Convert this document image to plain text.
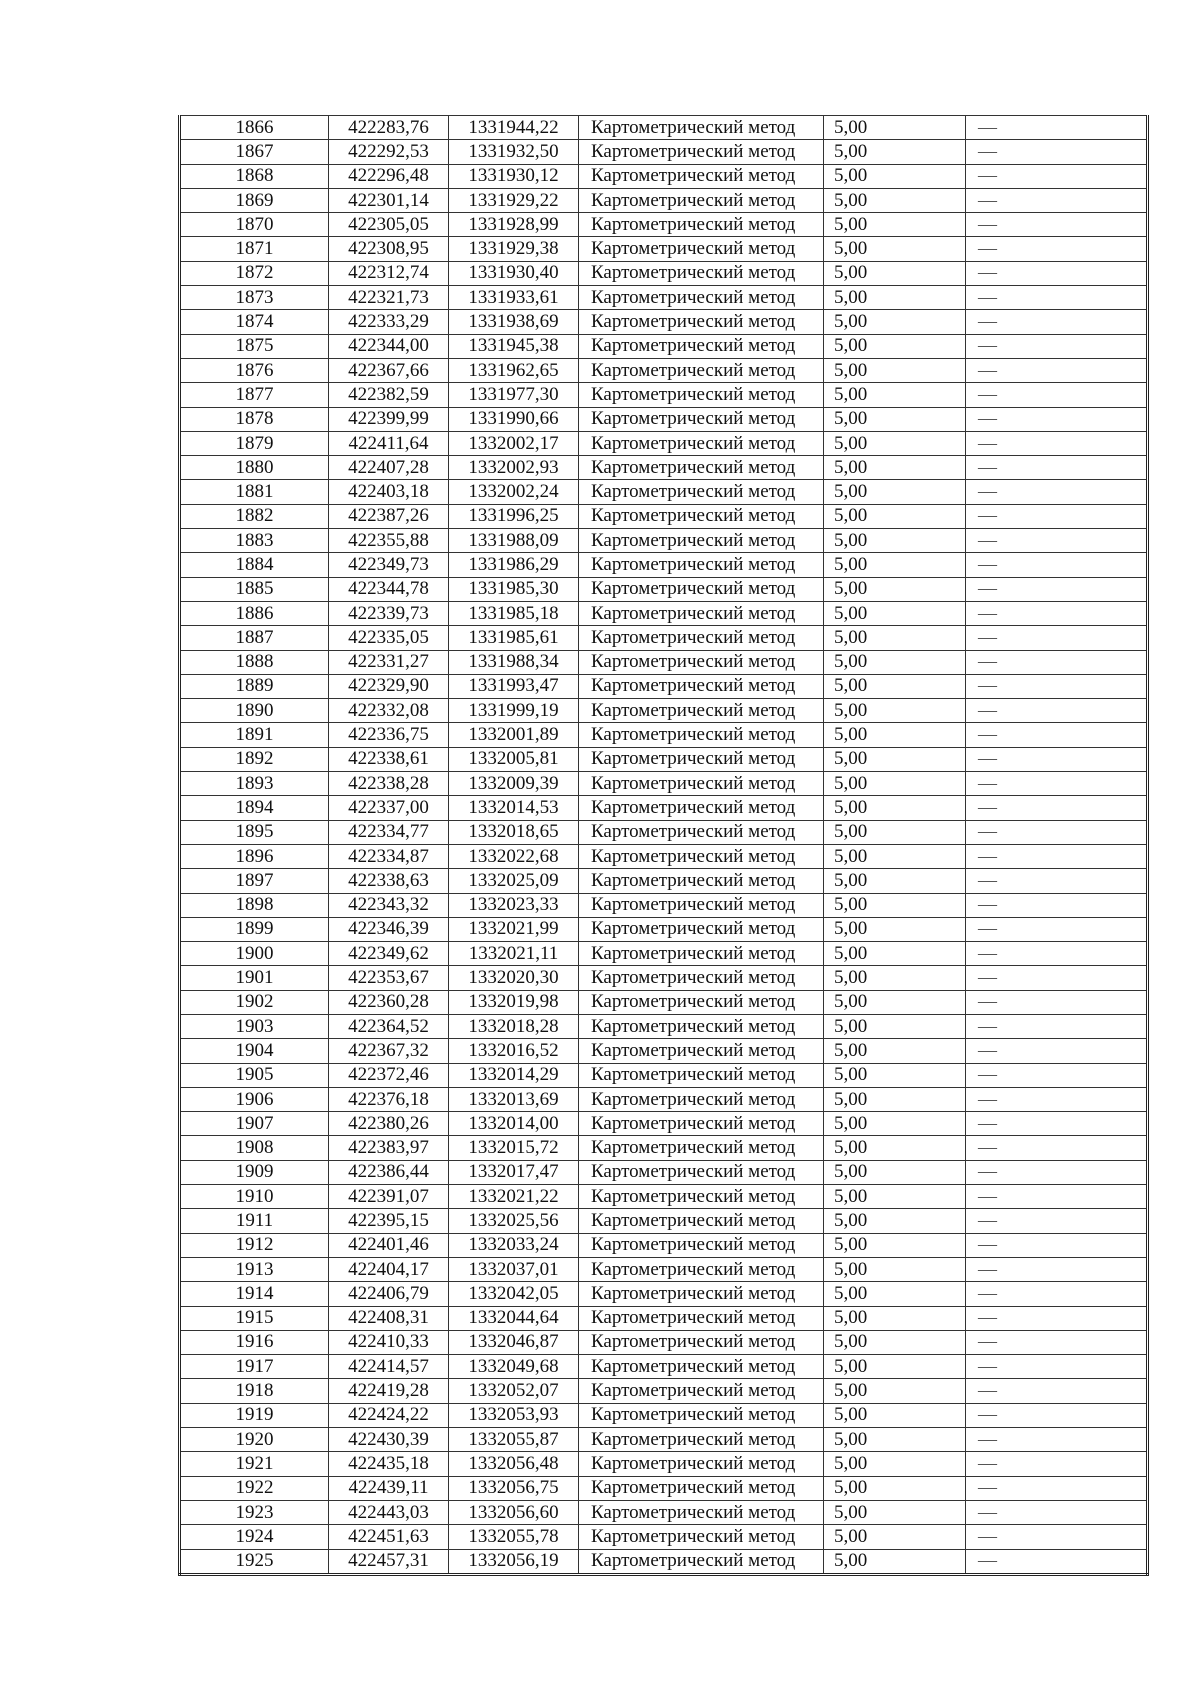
1866	422283,76	1331944,22	Картометрический метод	5,00	—
1867	422292,53	1331932,50	Картометрический метод	5,00	—
1868	422296,48	1331930,12	Картометрический метод	5,00	—
1869	422301,14	1331929,22	Картометрический метод	5,00	—
1870	422305,05	1331928,99	Картометрический метод	5,00	—
1871	422308,95	1331929,38	Картометрический метод	5,00	—
1872	422312,74	1331930,40	Картометрический метод	5,00	—
1873	422321,73	1331933,61	Картометрический метод	5,00	—
1874	422333,29	1331938,69	Картометрический метод	5,00	—
1875	422344,00	1331945,38	Картометрический метод	5,00	—
1876	422367,66	1331962,65	Картометрический метод	5,00	—
1877	422382,59	1331977,30	Картометрический метод	5,00	—
1878	422399,99	1331990,66	Картометрический метод	5,00	—
1879	422411,64	1332002,17	Картометрический метод	5,00	—
1880	422407,28	1332002,93	Картометрический метод	5,00	—
1881	422403,18	1332002,24	Картометрический метод	5,00	—
1882	422387,26	1331996,25	Картометрический метод	5,00	—
1883	422355,88	1331988,09	Картометрический метод	5,00	—
1884	422349,73	1331986,29	Картометрический метод	5,00	—
1885	422344,78	1331985,30	Картометрический метод	5,00	—
1886	422339,73	1331985,18	Картометрический метод	5,00	—
1887	422335,05	1331985,61	Картометрический метод	5,00	—
1888	422331,27	1331988,34	Картометрический метод	5,00	—
1889	422329,90	1331993,47	Картометрический метод	5,00	—
1890	422332,08	1331999,19	Картометрический метод	5,00	—
1891	422336,75	1332001,89	Картометрический метод	5,00	—
1892	422338,61	1332005,81	Картометрический метод	5,00	—
1893	422338,28	1332009,39	Картометрический метод	5,00	—
1894	422337,00	1332014,53	Картометрический метод	5,00	—
1895	422334,77	1332018,65	Картометрический метод	5,00	—
1896	422334,87	1332022,68	Картометрический метод	5,00	—
1897	422338,63	1332025,09	Картометрический метод	5,00	—
1898	422343,32	1332023,33	Картометрический метод	5,00	—
1899	422346,39	1332021,99	Картометрический метод	5,00	—
1900	422349,62	1332021,11	Картометрический метод	5,00	—
1901	422353,67	1332020,30	Картометрический метод	5,00	—
1902	422360,28	1332019,98	Картометрический метод	5,00	—
1903	422364,52	1332018,28	Картометрический метод	5,00	—
1904	422367,32	1332016,52	Картометрический метод	5,00	—
1905	422372,46	1332014,29	Картометрический метод	5,00	—
1906	422376,18	1332013,69	Картометрический метод	5,00	—
1907	422380,26	1332014,00	Картометрический метод	5,00	—
1908	422383,97	1332015,72	Картометрический метод	5,00	—
1909	422386,44	1332017,47	Картометрический метод	5,00	—
1910	422391,07	1332021,22	Картометрический метод	5,00	—
1911	422395,15	1332025,56	Картометрический метод	5,00	—
1912	422401,46	1332033,24	Картометрический метод	5,00	—
1913	422404,17	1332037,01	Картометрический метод	5,00	—
1914	422406,79	1332042,05	Картометрический метод	5,00	—
1915	422408,31	1332044,64	Картометрический метод	5,00	—
1916	422410,33	1332046,87	Картометрический метод	5,00	—
1917	422414,57	1332049,68	Картометрический метод	5,00	—
1918	422419,28	1332052,07	Картометрический метод	5,00	—
1919	422424,22	1332053,93	Картометрический метод	5,00	—
1920	422430,39	1332055,87	Картометрический метод	5,00	—
1921	422435,18	1332056,48	Картометрический метод	5,00	—
1922	422439,11	1332056,75	Картометрический метод	5,00	—
1923	422443,03	1332056,60	Картометрический метод	5,00	—
1924	422451,63	1332055,78	Картометрический метод	5,00	—
1925	422457,31	1332056,19	Картометрический метод	5,00	—
